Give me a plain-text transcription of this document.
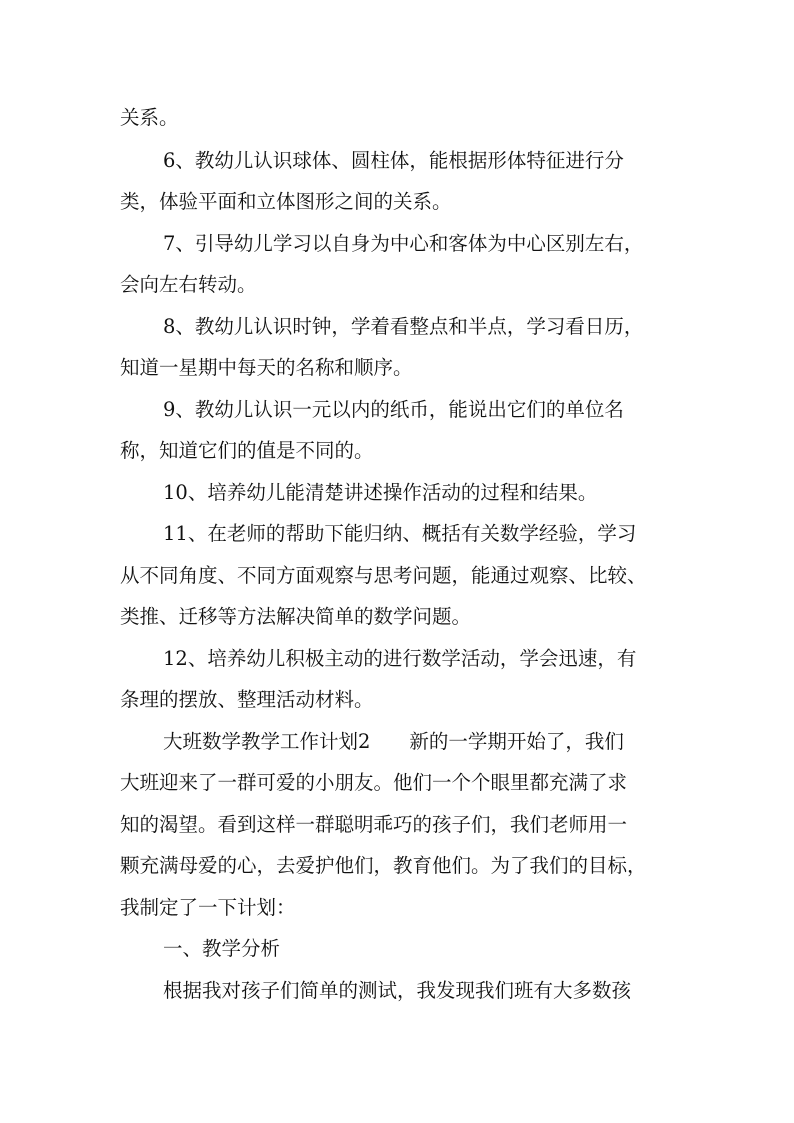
关系。
6、教幼儿认识球体、圆柱体，能根据形体特征进行分
类，体验平面和立体图形之间的关系。
7、引导幼儿学习以自身为中心和客体为中心区别左右，
会向左右转动。
8、教幼儿认识时钟，学着看整点和半点，学习看日历，
知道一星期中每天的名称和顺序。
9、教幼儿认识一元以内的纸币，能说出它们的单位名
称，知道它们的值是不同的。
10、培养幼儿能清楚讲述操作活动的过程和结果。
11、在老师的帮助下能归纳、概括有关数学经验，学习
从不同角度、不同方面观察与思考问题，能通过观察、比较、
类推、迁移等方法解决简单的数学问题。
12、培养幼儿积极主动的进行数学活动，学会迅速，有
条理的摆放、整理活动材料。
大班数学教学工作计划2　　新的一学期开始了，我们
大班迎来了一群可爱的小朋友。他们一个个眼里都充满了求
知的渴望。看到这样一群聪明乖巧的孩子们，我们老师用一
颗充满母爱的心，去爱护他们，教育他们。为了我们的目标，
我制定了一下计划：
一、教学分析
根据我对孩子们简单的测试，我发现我们班有大多数孩
